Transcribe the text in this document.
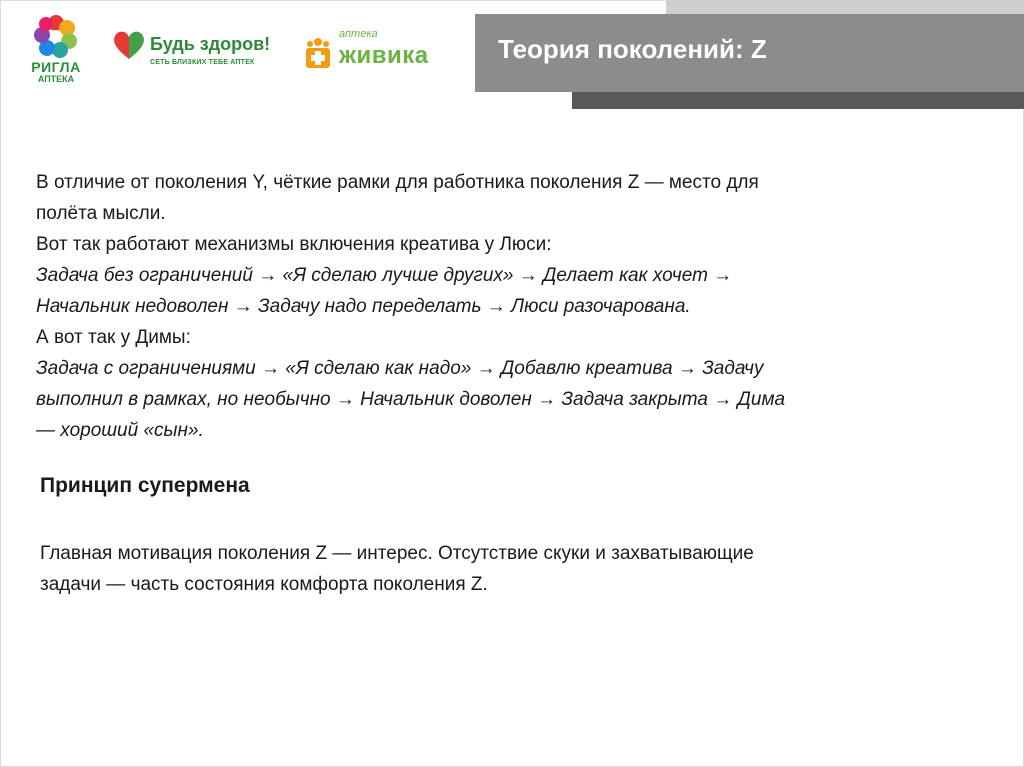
РИГЛА
АПТЕКА
Будь здоров!
СЕТЬ БЛИЗКИХ ТЕБЕ АПТЕК
аптека
живика	Теория поколений: Z
В отличие от поколения Y, чёткие рамки для работника поколения Z — место для
полёта мысли.
Вот так работают механизмы включения креатива у Люси:
Задача без ограничений → «Я сделаю лучше других» → Делает как хочет →
Начальник недоволен → Задачу надо переделать → Люси разочарована.
А вот так у Димы:
Задача с ограничениями → «Я сделаю как надо» → Добавлю креатива → Задачу
выполнил в рамках, но необычно → Начальник доволен → Задача закрыта → Дима
— хороший «сын».
Принцип супермена
Главная мотивация поколения Z — интерес. Отсутствие скуки и захватывающие
задачи — часть состояния комфорта поколения Z.
